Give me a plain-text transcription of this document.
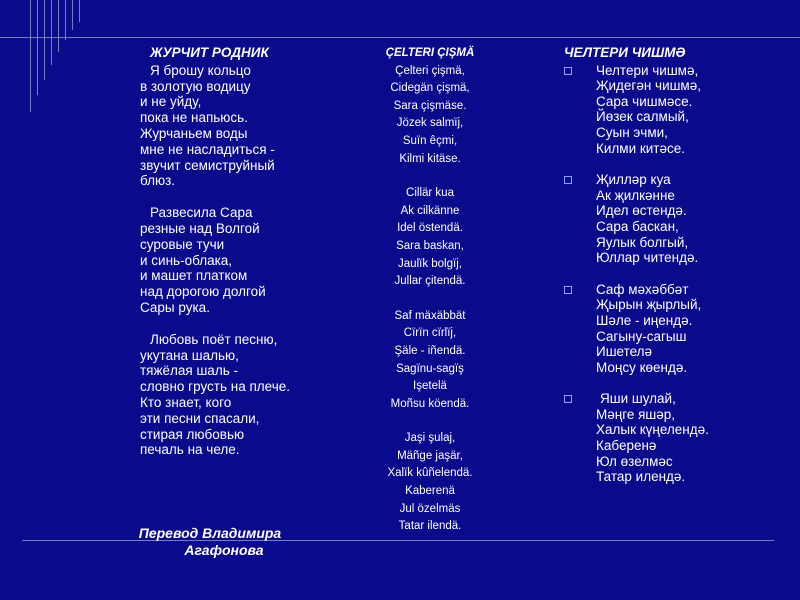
ЖУРЧИТ РОДНИК
Я брошу кольцо
в золотую водицу
и не уйду,
пока не напьюсь.
Журчаньем воды
мне не насладиться -
звучит семиструйный
блюз.
Развесила Сара
резные над Волгой
суровые тучи
и синь-облака,
и машет платком
над дорогою долгой
Сары рука.
Любовь поёт песню,
укутана шалью,
тяжёлая шаль -
словно грусть на плече.
Кто знает, кого
эти песни спасали,
стирая любовью
печаль на челе.
Перевод Владимира
Агафонова
ÇELTERI ÇIŞMÄ
Çelteri çişmä,
Cidegän çişmä,
Sara çişmäse.
Jözek salmïj,
Suïn êçmi,
Kilmi kitäse.
Cillär kua
Ak cilkänne
Idel östendä.
Sara baskan,
Jaulïk bolgïj,
Jullar çitendä.
Saf mäxäbbät
Cïrïn cïrlïj,
Şäle - iñendä.
Sagïnu-sagïş
Işetelä
Moñsu köendä.
Jaşi şulaj,
Mäñge jaşär,
Xalïk kûñelendä.
Kaberenä
Jul özelmäs
Tatar ilendä.
ЧЕЛТЕРИ ЧИШМӘ
Челтери чишмә,
Җидегән чишмә,
Сара чишмәсе.
Йөзек салмый,
Суын эчми,
Килми китәсе.
Җилләр куа
Ак җилкәнне
Идел өстендә.
Сара баскан,
Яулык болгый,
Юллар читендә.
Саф мәхәббәт
Җырын җырлый,
Шәле - иңендә.
Сагыну-сагыш
Ишетелә
Моңсу көендә.
Яши шулай,
Мәңге яшәр,
Халык күңелендә.
Каберенә
Юл өзелмәс
Татар илендә.
